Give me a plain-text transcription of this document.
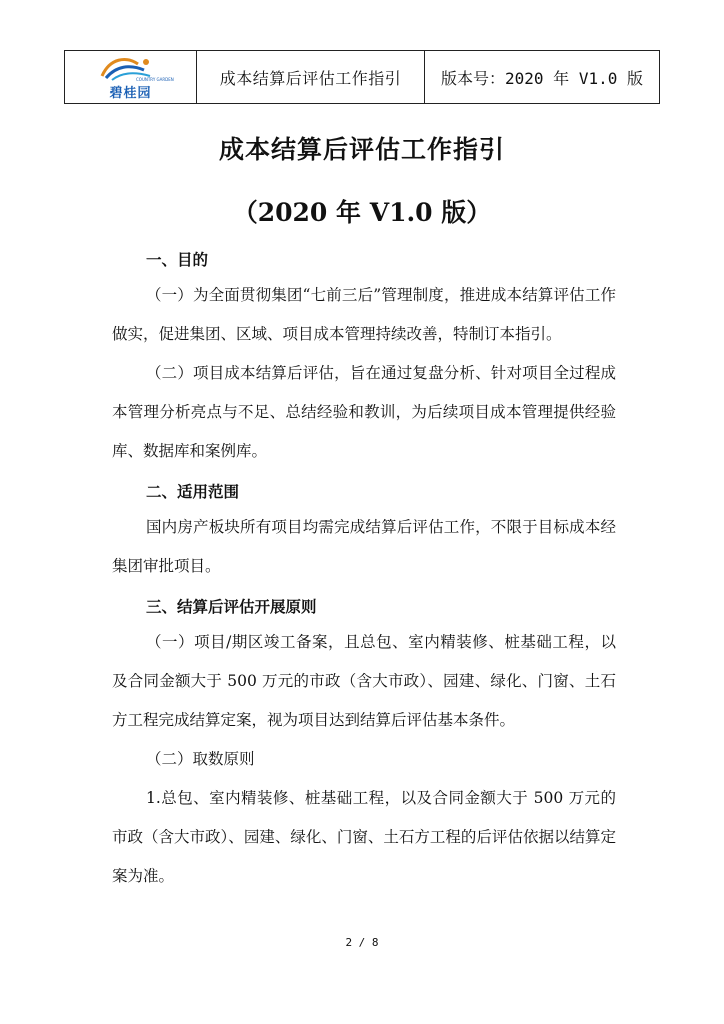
COUNTRY GARDEN
碧桂园
成本结算后评估工作指引	版本号：2020 年 V1.0 版
成本结算后评估工作指引
（2020 年 V1.0 版）
一、目的

（一）为全面贯彻集团“七前三后”管理制度，推进成本结算评估工作做实，促进集团、区域、项目成本管理持续改善，特制订本指引。

（二）项目成本结算后评估，旨在通过复盘分析、针对项目全过程成本管理分析亮点与不足、总结经验和教训，为后续项目成本管理提供经验库、数据库和案例库。

二、适用范围

国内房产板块所有项目均需完成结算后评估工作，不限于目标成本经集团审批项目。

三、结算后评估开展原则

（一）项目/期区竣工备案，且总包、室内精装修、桩基础工程，以及合同金额大于 500 万元的市政（含大市政）、园建、绿化、门窗、土石方工程完成结算定案，视为项目达到结算后评估基本条件。

（二）取数原则

1.总包、室内精装修、桩基础工程，以及合同金额大于 500 万元的市政（含大市政）、园建、绿化、门窗、土石方工程的后评估依据以结算定案为准。

2 / 8
